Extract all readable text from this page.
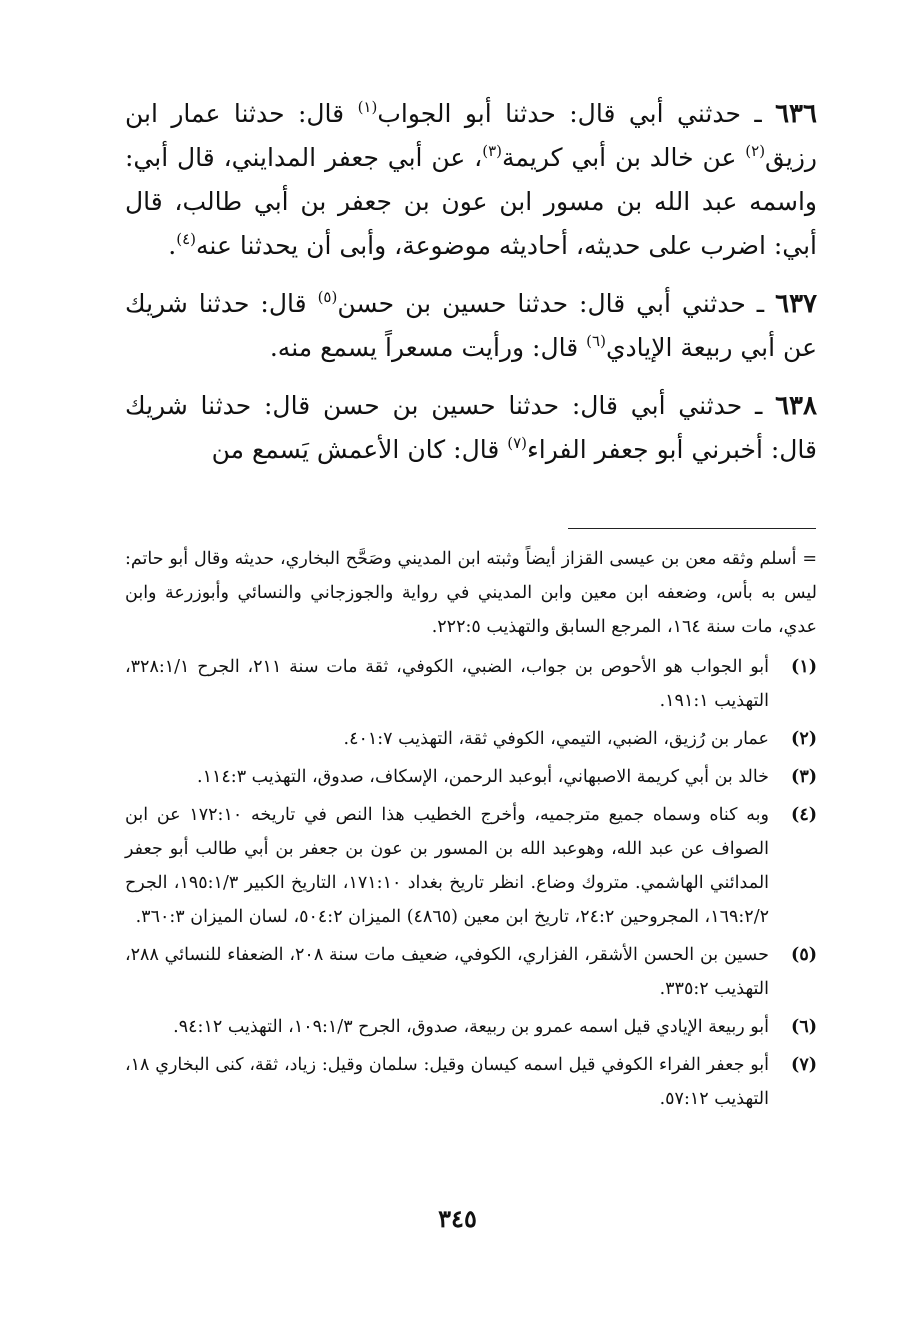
٦٣٦ ـ حدثني أبي قال: حدثنا أبو الجواب$^{(١)}$ قال: حدثنا عمار ابن رزيق$^{(٢)}$ عن خالد بن أبي كريمة$^{(٣)}$، عن أبي جعفر المدايني، قال أبي: واسمه عبد الله بن مسور ابن عون بن جعفر بن أبي طالب، قال أبي: اضرب على حديثه، أحاديثه موضوعة، وأبى أن يحدثنا عنه$^{(٤)}$.

٦٣٧ ـ حدثني أبي قال: حدثنا حسين بن حسن$^{(٥)}$ قال: حدثنا شريك عن أبي ربيعة الإيادي$^{(٦)}$ قال: ورأيت مسعراً يسمع منه.

٦٣٨ ـ حدثني أبي قال: حدثنا حسين بن حسن قال: حدثنا شريك قال: أخبرني أبو جعفر الفراء$^{(٧)}$ قال: كان الأعمش يَسمع من

= أسلم وثقه معن بن عيسى القزاز أيضاً وثبته ابن المديني وصَحَّح البخاري، حديثه وقال أبو حاتم: ليس به بأس، وضعفه ابن معين وابن المديني في رواية والجوزجاني والنسائي وأبوزرعة وابن عدي، مات سنة ١٦٤، المرجع السابق والتهذيب ٢٢٢:٥.
(١)
أبو الجواب هو الأحوص بن جواب، الضبي، الكوفي، ثقة مات سنة ٢١١، الجرح ٣٢٨:١/١، التهذيب ١٩١:١.
(٢)
عمار بن رُزيق، الضبي، التيمي، الكوفي ثقة، التهذيب ٤٠١:٧.
(٣)
خالد بن أبي كريمة الاصبهاني، أبوعبد الرحمن، الإسكاف، صدوق، التهذيب ١١٤:٣.
(٤)
وبه كناه وسماه جميع مترجميه، وأخرج الخطيب هذا النص في تاريخه ١٧٢:١٠ عن ابن الصواف عن عبد الله، وهوعبد الله بن المسور بن عون بن جعفر بن أبي طالب أبو جعفر المدائني الهاشمي. متروك وضاع. انظر تاريخ بغداد ١٧١:١٠، التاريخ الكبير ١٩٥:١/٣، الجرح ١٦٩:٢/٢، المجروحين ٢٤:٢، تاريخ ابن معين (٤٨٦٥) الميزان ٥٠٤:٢، لسان الميزان ٣٦٠:٣.
(٥)
حسين بن الحسن الأشقر، الفزاري، الكوفي، ضعيف مات سنة ٢٠٨، الضعفاء للنسائي ٢٨٨، التهذيب ٣٣٥:٢.
(٦)
أبو ربيعة الإيادي قيل اسمه عمرو بن ربيعة، صدوق، الجرح ١٠٩:١/٣، التهذيب ٩٤:١٢.
(٧)
أبو جعفر الفراء الكوفي قيل اسمه كيسان وقيل: سلمان وقيل: زياد، ثقة، كنى البخاري ١٨، التهذيب ٥٧:١٢.
٣٤٥
